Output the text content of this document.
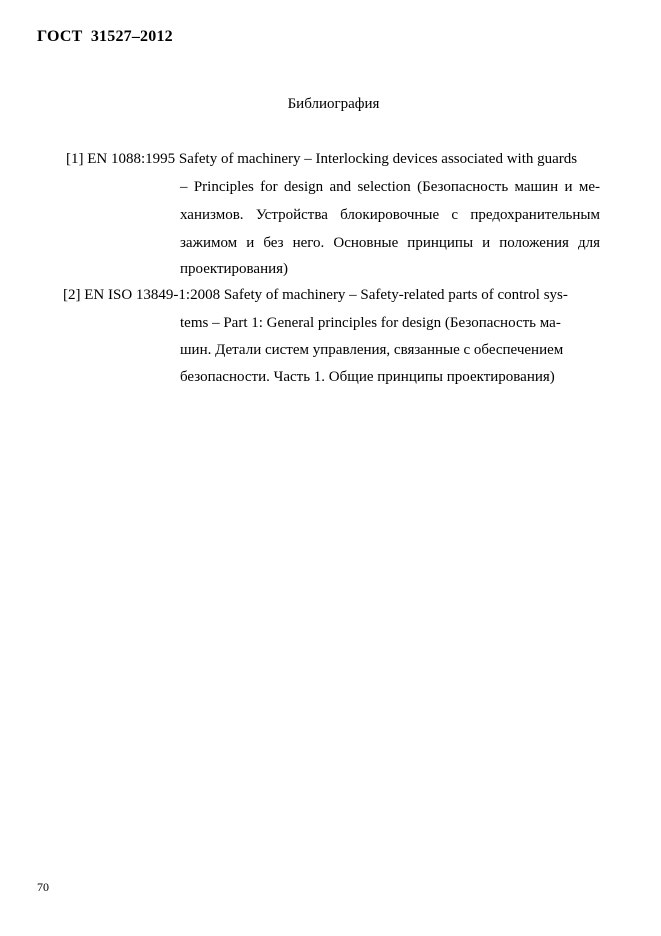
ГОСТ  31527–2012
Библиография
[1] EN 1088:1995 Safety of machinery – Interlocking devices associated with guards
– Principles for design and selection (Безопасность машин и ме-
ханизмов. Устройства блокировочные с предохранительным
зажимом и без него. Основные принципы и положения для
проектирования)
[2] EN ISO 13849-1:2008 Safety of machinery – Safety-related parts of control sys-
tems – Part 1: General principles for design (Безопасность ма-
шин. Детали систем управления, связанные с обеспечением
безопасности. Часть 1. Общие принципы проектирования)
70
